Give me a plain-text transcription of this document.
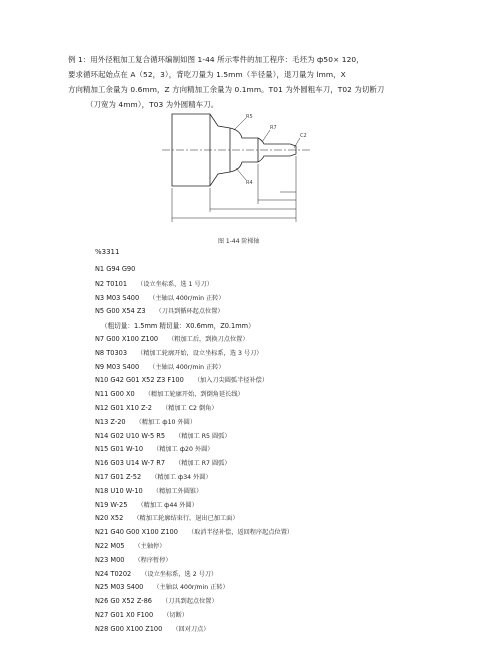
例 1：用外径粗加工复合循环编制如图 1-44 所示零件的加工程序：毛坯为 ф50× 120，
要求循环起始点在 A（52，3），背吃刀量为 1.5mm（半径量），退刀量为 lmm，X
方向精加工余量为 0.6mm，Z 方向精加工余量为 0.1mm。T01 为外圆粗车刀，T02 为切断刀
（刀宽为 4mm），T03 为外圆精车刀。
R5
C2
R7
R4
图 1-44 阶梯轴
%3311
N1 G94 G90
N2 T0101 （设立坐标系，选 1 号刀）
N3 M03 S400 （主轴以 400r/min 正转）
N5 G00 X54 Z3 （刀具到循环起点位置）
（粗切量：1.5mm 精切量：X0.6mm，Z0.1mm）
N7 G00 X100 Z100 （粗加工后，到换刀点位置）
N8 T0303 （精加工轮廓开始，设立坐标系，选 3 号刀）
N9 M03 S400 （主轴以 400r/min 正转）
N10 G42 G01 X52 Z3 F100 （加入刀尖圆弧半径补偿）
N11 G00 X0 （精加工轮廓开始，到倒角延长线）
N12 G01 X10 Z-2 （精加工 C2 倒角）
N13 Z-20 （精加工 ф10 外圆）
N14 G02 U10 W-5 R5 （精加工 R5 圆弧）
N15 G01 W-10 （精加工 ф20 外圆）
N16 G03 U14 W-7 R7 （精加工 R7 圆弧）
N17 G01 Z-52 （精加工 ф34 外圆）
N18 U10 W-10 （精加工外圆锥）
N19 W-25 （精加工 ф44 外圆）
N20 X52 （精加工轮廓结束行，退出已加工面）
N21 G40 G00 X100 Z100 （取消半径补偿，返回程序起点位置）
N22 M05 （主轴停）
N23 M00 （程序暂停）
N24 T0202 （设立坐标系，选 2 号刀）
N25 M03 S400 （主轴以 400r/min 正转）
N26 G0 X52 Z-86 （刀具到起点位置）
N27 G01 X0 F100 （切断）
N28 G00 X100 Z100 （回对刀点）
